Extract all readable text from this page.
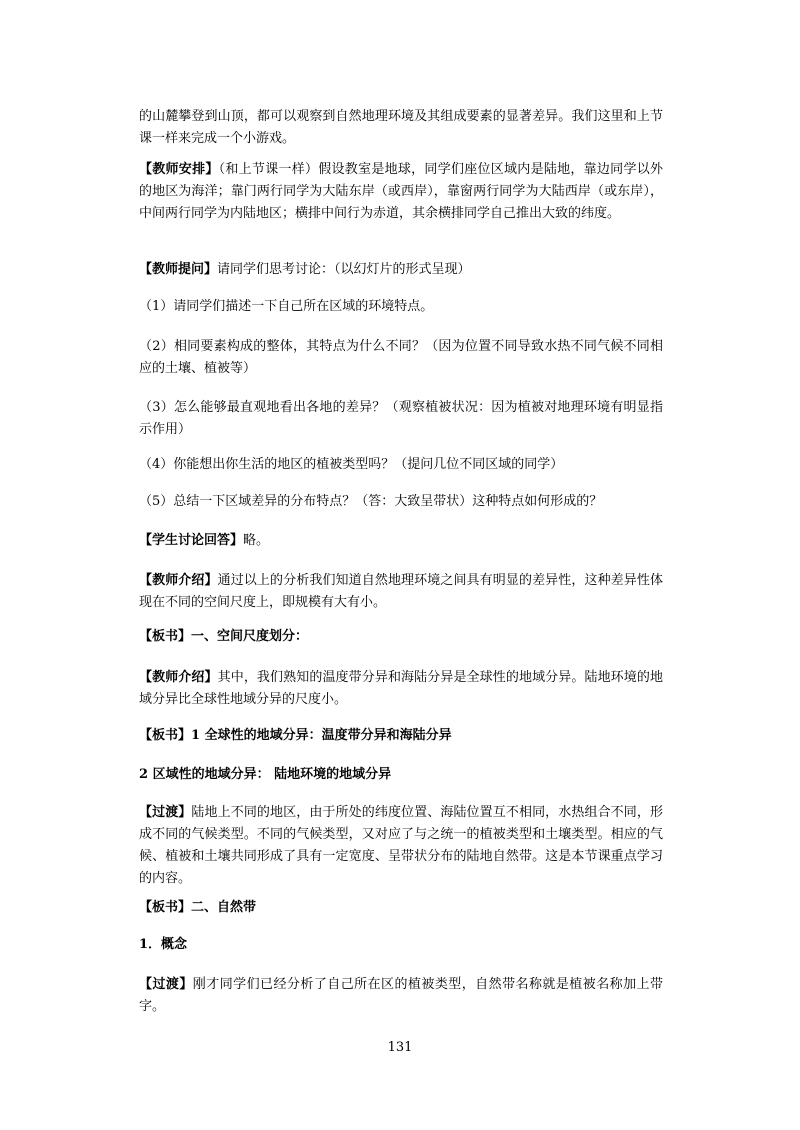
的山麓攀登到山顶，都可以观察到自然地理环境及其组成要素的显著差异。我们这里和上节课一样来完成一个小游戏。
【教师安排】（和上节课一样）假设教室是地球，同学们座位区域内是陆地，靠边同学以外的地区为海洋；靠门两行同学为大陆东岸（或西岸），靠窗两行同学为大陆西岸（或东岸），中间两行同学为内陆地区；横排中间行为赤道，其余横排同学自己推出大致的纬度。
【教师提问】请同学们思考讨论：（以幻灯片的形式呈现）
（1）请同学们描述一下自己所在区域的环境特点。
（2）相同要素构成的整体，其特点为什么不同？（因为位置不同导致水热不同气候不同相应的土壤、植被等）
（3）怎么能够最直观地看出各地的差异？（观察植被状况：因为植被对地理环境有明显指示作用）
（4）你能想出你生活的地区的植被类型吗？（提问几位不同区域的同学）
（5）总结一下区域差异的分布特点？（答：大致呈带状）这种特点如何形成的？
【学生讨论回答】略。
【教师介绍】通过以上的分析我们知道自然地理环境之间具有明显的差异性，这种差异性体现在不同的空间尺度上，即规模有大有小。
【板书】一、空间尺度划分：
【教师介绍】其中，我们熟知的温度带分异和海陆分异是全球性的地域分异。陆地环境的地域分异比全球性地域分异的尺度小。
【板书】1 全球性的地域分异：温度带分异和海陆分异
2 区域性的地域分异： 陆地环境的地域分异
【过渡】陆地上不同的地区，由于所处的纬度位置、海陆位置互不相同，水热组合不同，形成不同的气候类型。不同的气候类型，又对应了与之统一的植被类型和土壤类型。相应的气候、植被和土壤共同形成了具有一定宽度、呈带状分布的陆地自然带。这是本节课重点学习的内容。
【板书】二、自然带
1．概念
【过渡】刚才同学们已经分析了自己所在区的植被类型，自然带名称就是植被名称加上带字。
131
